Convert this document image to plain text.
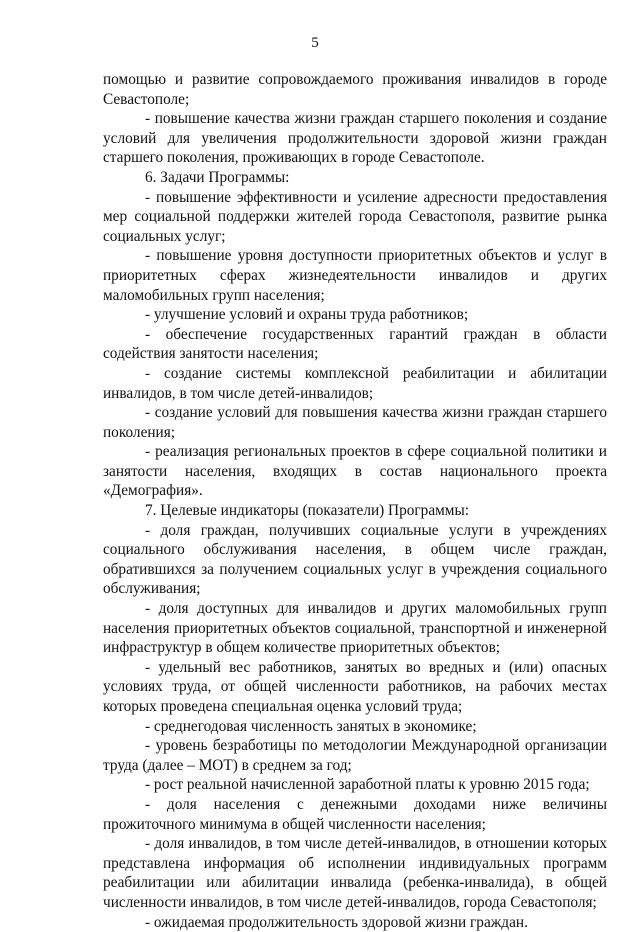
5

помощью и развитие сопровождаемого проживания инвалидов в городе Севастополе;

- повышение качества жизни граждан старшего поколения и создание условий для увеличения продолжительности здоровой жизни граждан старшего поколения, проживающих в городе Севастополе.

6. Задачи Программы:

- повышение эффективности и усиление адресности предоставления мер социальной поддержки жителей города Севастополя, развитие рынка социальных услуг;

- повышение уровня доступности приоритетных объектов и услуг в приоритетных сферах жизнедеятельности инвалидов и других маломобильных групп населения;

- улучшение условий и охраны труда работников;

- обеспечение государственных гарантий граждан в области содействия занятости населения;

- создание системы комплексной реабилитации и абилитации инвалидов, в том числе детей-инвалидов;

- создание условий для повышения качества жизни граждан старшего поколения;

- реализация региональных проектов в сфере социальной политики и занятости населения, входящих в состав национального проекта «Демография».

7. Целевые индикаторы (показатели) Программы:

- доля граждан, получивших социальные услуги в учреждениях социального обслуживания населения, в общем числе граждан, обратившихся за получением социальных услуг в учреждения социального обслуживания;

- доля доступных для инвалидов и других маломобильных групп населения приоритетных объектов социальной, транспортной и инженерной инфраструктур в общем количестве приоритетных объектов;

- удельный вес работников, занятых во вредных и (или) опасных условиях труда, от общей численности работников, на рабочих местах которых проведена специальная оценка условий труда;

- среднегодовая численность занятых в экономике;

- уровень безработицы по методологии Международной организации труда (далее – МОТ) в среднем за год;

- рост реальной начисленной заработной платы к уровню 2015 года;

- доля населения с денежными доходами ниже величины прожиточного минимума в общей численности населения;

- доля инвалидов, в том числе детей-инвалидов, в отношении которых представлена информация об исполнении индивидуальных программ реабилитации или абилитации инвалида (ребенка-инвалида), в общей численности инвалидов, в том числе детей-инвалидов, города Севастополя;

- ожидаемая продолжительность здоровой жизни граждан.
